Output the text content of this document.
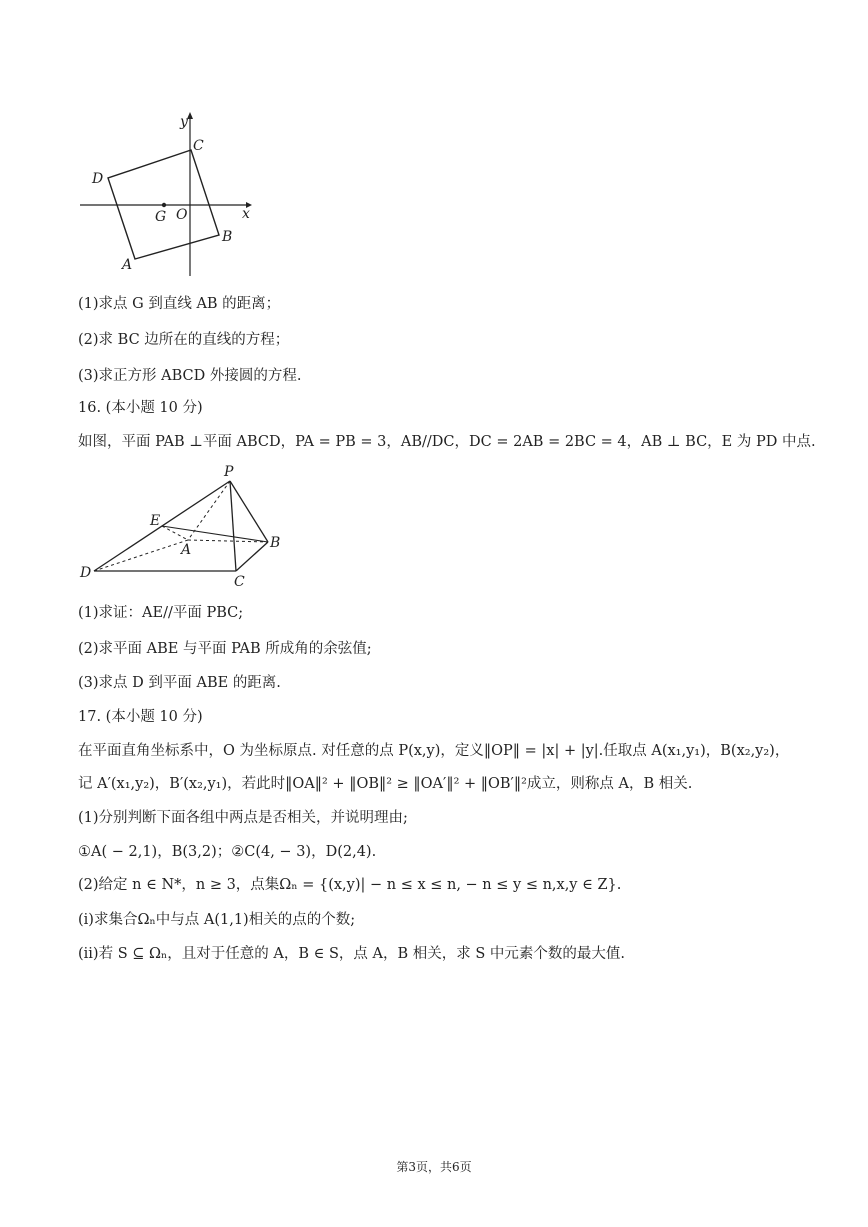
y
x
O
G
C
D
B
A
(1)求点 G 到直线 AB 的距离；
(2)求 BC 边所在的直线的方程；
(3)求正方形 ABCD 外接圆的方程.
16. (本小题 10 分)
如图，平面 PAB ⊥平面 ABCD，PA = PB = 3，AB//DC，DC = 2AB = 2BC = 4，AB ⊥ BC，E 为 PD 中点.
P
E
A	B
D
C
(1)求证：AE//平面 PBC;
(2)求平面 ABE 与平面 PAB 所成角的余弦值;
(3)求点 D 到平面 ABE 的距离.
17. (本小题 10 分)
在平面直角坐标系中，O 为坐标原点. 对任意的点 P(x,y)，定义‖OP‖ = |x| + |y|.任取点 A(x₁,y₁)，B(x₂,y₂)，
记 A′(x₁,y₂)，B′(x₂,y₁)，若此时‖OA‖² + ‖OB‖² ≥ ‖OA′‖² + ‖OB′‖²成立，则称点 A，B 相关.
(1)分别判断下面各组中两点是否相关，并说明理由;
①A( − 2,1)，B(3,2)；②C(4, − 3)，D(2,4).
(2)给定 n ∈ N*，n ≥ 3，点集Ωₙ = {(x,y)| − n ≤ x ≤ n, − n ≤ y ≤ n,x,y ∈ Z}.
(i)求集合Ωₙ中与点 A(1,1)相关的点的个数;
(ii)若 S ⊆ Ωₙ，且对于任意的 A，B ∈ S，点 A，B 相关，求 S 中元素个数的最大值.
第3页，共6页
